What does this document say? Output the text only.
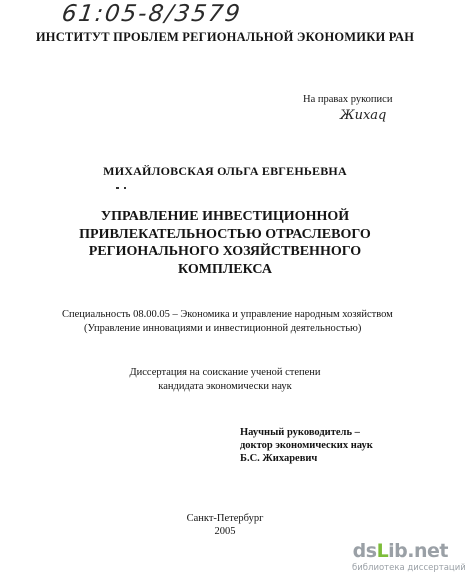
61:05-8/3579
ИНСТИТУТ ПРОБЛЕМ РЕГИОНАЛЬНОЙ ЭКОНОМИКИ РАН
На правах рукописи
Жихаq
МИХАЙЛОВСКАЯ ОЛЬГА ЕВГЕНЬЕВНА
УПРАВЛЕНИЕ ИНВЕСТИЦИОННОЙ
ПРИВЛЕКАТЕЛЬНОСТЬЮ ОТРАСЛЕВОГО
РЕГИОНАЛЬНОГО ХОЗЯЙСТВЕННОГО
КОМПЛЕКСА
Специальность 08.00.05 – Экономика и управление народным хозяйством
(Управление инновациями и инвестиционной деятельностью)
Диссертация на соискание ученой степени
кандидата экономически наук
Научный руководитель –
доктор экономических наук
Б.С. Жихаревич
Санкт-Петербург
2005
dsLib.net
библиотека диссертаций
